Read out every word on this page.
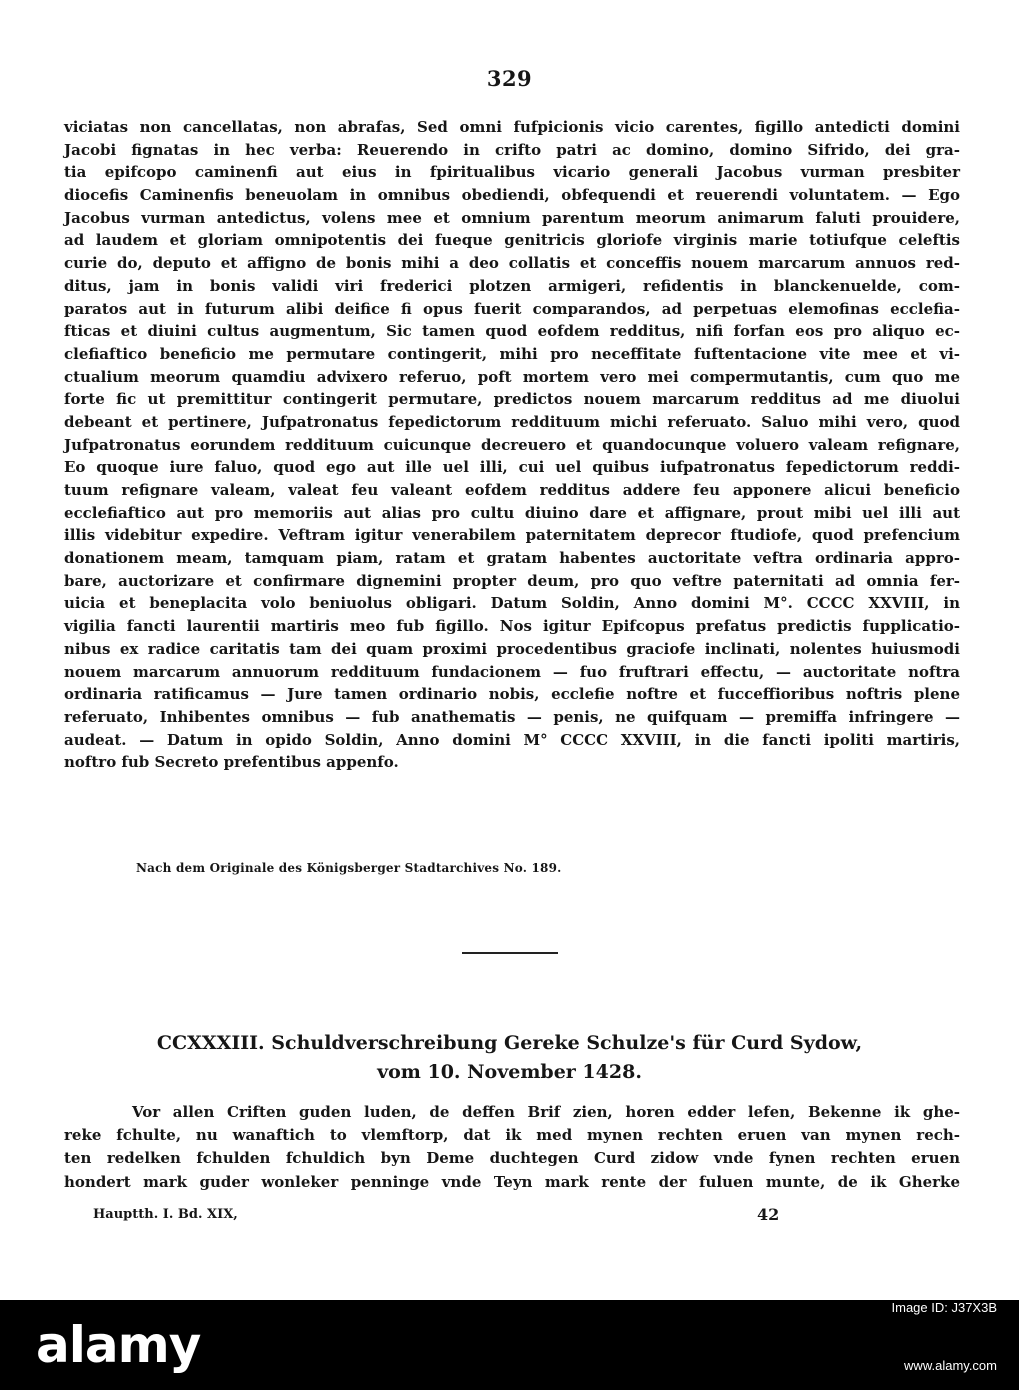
329
viciatas non cancellatas, non abrafas, Sed omni fufpicionis vicio carentes, figillo antedicti domini
Jacobi fignatas in hec verba: Reuerendo in crifto patri ac domino, domino Sifrido, dei gra-
tia epifcopo caminenfi aut eius in fpiritualibus vicario generali Jacobus vurman presbiter
diocefis Caminenfis beneuolam in omnibus obediendi, obfequendi et reuerendi voluntatem. — Ego
Jacobus vurman antedictus, volens mee et omnium parentum meorum animarum faluti prouidere,
ad laudem et gloriam omnipotentis dei fueque genitricis gloriofe virginis marie totiufque celeftis
curie do, deputo et affigno de bonis mihi a deo collatis et conceffis nouem marcarum annuos red-
ditus, jam in bonis validi viri frederici plotzen armigeri, refidentis in blanckenuelde, com-
paratos aut in futurum alibi deifice fi opus fuerit comparandos, ad perpetuas elemofinas ecclefia-
fticas et diuini cultus augmentum, Sic tamen quod eofdem redditus, nifi forfan eos pro aliquo ec-
clefiaftico beneficio me permutare contingerit, mihi pro neceffitate fuftentacione vite mee et vi-
ctualium meorum quamdiu advixero referuo, poft mortem vero mei compermutantis, cum quo me
forte fic ut premittitur contingerit permutare, predictos nouem marcarum redditus ad me diuolui
debeant et pertinere, Jufpatronatus fepedictorum reddituum michi referuato. Saluo mihi vero, quod
Jufpatronatus eorundem reddituum cuicunque decreuero et quandocunque voluero valeam refignare,
Eo quoque iure faluo, quod ego aut ille uel illi, cui uel quibus iufpatronatus fepedictorum reddi-
tuum refignare valeam, valeat feu valeant eofdem redditus addere feu apponere alicui beneficio
ecclefiaftico aut pro memoriis aut alias pro cultu diuino dare et affignare, prout mibi uel illi aut
illis videbitur expedire. Veftram igitur venerabilem paternitatem deprecor ftudiofe, quod prefencium
donationem meam, tamquam piam, ratam et gratam habentes auctoritate veftra ordinaria appro-
bare, auctorizare et confirmare dignemini propter deum, pro quo veftre paternitati ad omnia fer-
uicia et beneplacita volo beniuolus obligari. Datum Soldin, Anno domini M°. CCCC XXVIII, in
vigilia fancti laurentii martiris meo fub figillo. Nos igitur Epifcopus prefatus predictis fupplicatio-
nibus ex radice caritatis tam dei quam proximi procedentibus graciofe inclinati, nolentes huiusmodi
nouem marcarum annuorum reddituum fundacionem — fuo fruftrari effectu, — auctoritate noftra
ordinaria ratificamus — Jure tamen ordinario nobis, ecclefie noftre et fucceffioribus noftris plene
referuato, Inhibentes omnibus — fub anathematis — penis, ne quifquam — premiffa infringere —
audeat. — Datum in opido Soldin, Anno domini M° CCCC XXVIII, in die fancti ipoliti martiris,
noftro fub Secreto prefentibus appenfo.
Nach dem Originale des Königsberger Stadtarchives No. 189.
CCXXXIII. Schuldverschreibung Gereke Schulze's für Curd Sydow,
vom 10. November 1428.
Vor allen Criften guden luden, de deffen Brif zien, horen edder lefen, Bekenne ik ghe-
reke fchulte, nu wanaftich to vlemftorp, dat ik med mynen rechten eruen van mynen rech-
ten redelken fchulden fchuldich byn Deme duchtegen Curd zidow vnde fynen rechten eruen
hondert mark guder wonleker penninge vnde Teyn mark rente der fuluen munte, de ik Gherke
Hauptth. I. Bd. XIX,	42
alamy
Image ID: J37X3B
www.alamy.com
